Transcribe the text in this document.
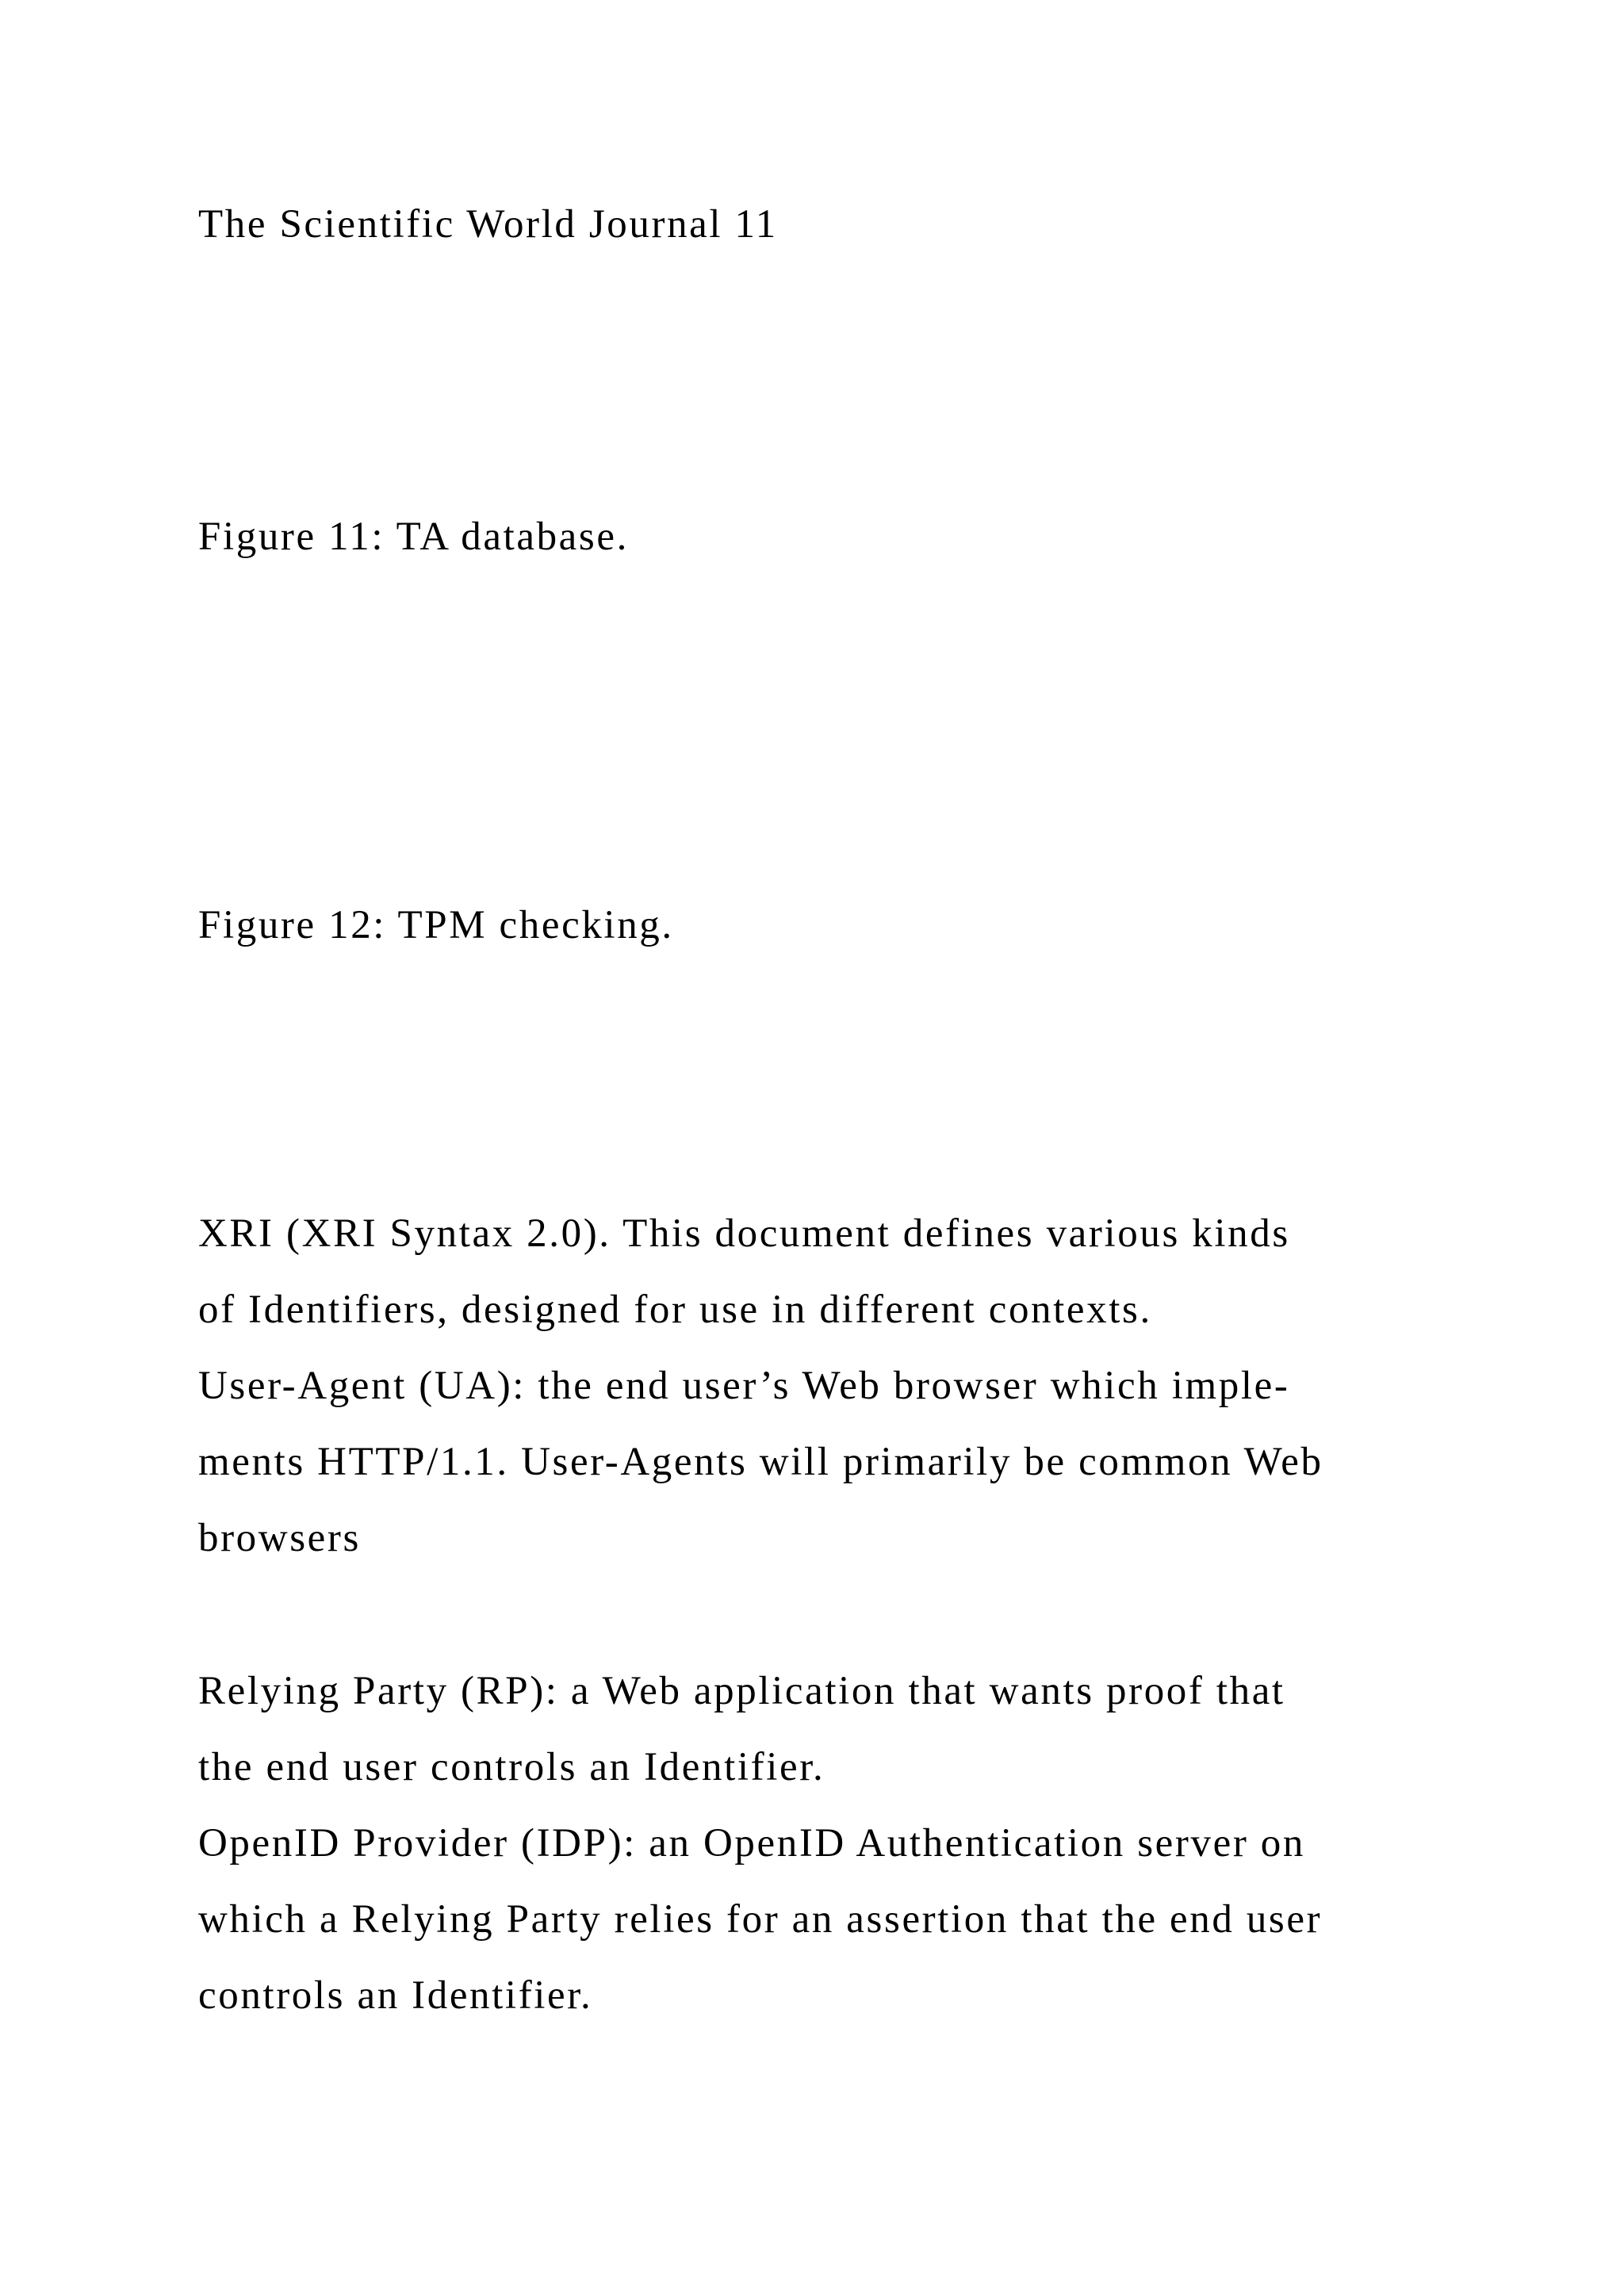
The Scientific World Journal 11
Figure 11: TA database.
Figure 12: TPM checking.
XRI (XRI Syntax 2.0). This document defines various kinds
of Identifiers, designed for use in different contexts.
User-Agent (UA): the end user’s Web browser which imple-
ments HTTP/1.1. User-Agents will primarily be common Web
browsers
Relying Party (RP): a Web application that wants proof that
the end user controls an Identifier.
OpenID Provider (IDP): an OpenID Authentication server on
which a Relying Party relies for an assertion that the end user
controls an Identifier.
